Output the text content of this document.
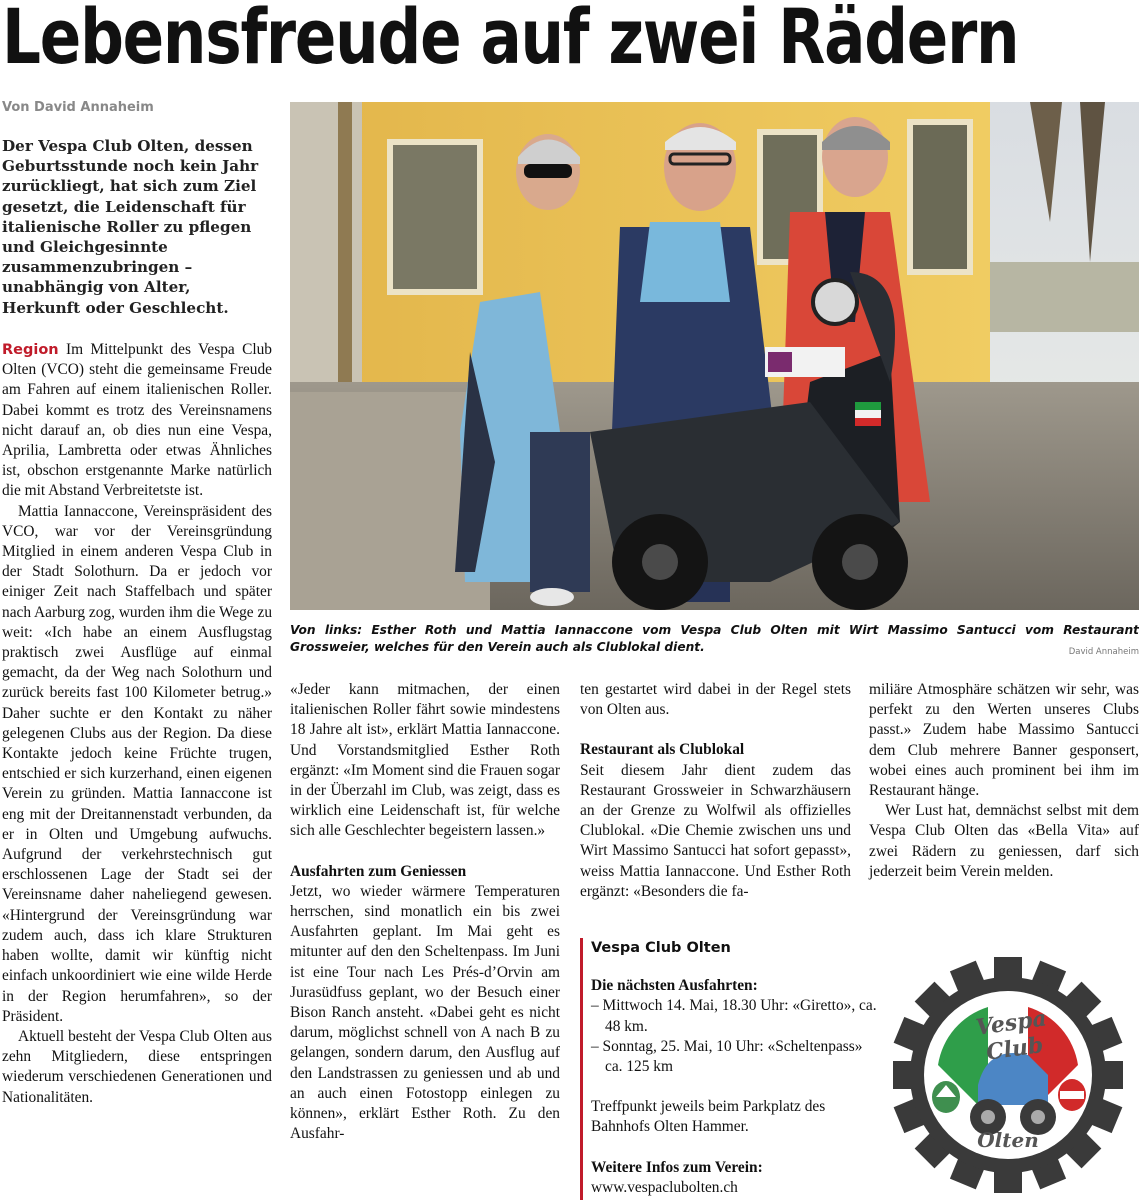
Lebensfreude auf zwei Rädern
Von David Annaheim
Der Vespa Club Olten, dessen Geburtsstunde noch kein Jahr zurückliegt, hat sich zum Ziel gesetzt, die Leidenschaft für italienische Roller zu pflegen und Gleichgesinnte zusammenzubringen – unabhängig von Alter, Herkunft oder Geschlecht.

Region Im Mittelpunkt des Vespa Club Olten (VCO) steht die gemeinsame Freude am Fahren auf einem italienischen Roller. Dabei kommt es trotz des Vereinsnamens nicht darauf an, ob dies nun eine Vespa, Aprilia, Lambretta oder etwas Ähnliches ist, obschon erstgenannte Marke natürlich die mit Abstand Verbreitetste ist.

Mattia Iannaccone, Vereinspräsident des VCO, war vor der Vereinsgründung Mitglied in einem anderen Vespa Club in der Stadt Solothurn. Da er jedoch vor einiger Zeit nach Staffelbach und später nach Aarburg zog, wurden ihm die Wege zu weit: «Ich habe an einem Ausflugstag praktisch zwei Ausflüge auf einmal gemacht, da der Weg nach Solothurn und zurück bereits fast 100 Kilometer betrug.» Daher suchte er den Kontakt zu näher gelegenen Clubs aus der Region. Da diese Kontakte jedoch keine Früchte trugen, entschied er sich kurzerhand, einen eigenen Verein zu gründen. Mattia Iannaccone ist eng mit der Dreitannenstadt verbunden, da er in Olten und Umgebung aufwuchs. Aufgrund der verkehrstechnisch gut erschlossenen Lage der Stadt sei der Vereinsname daher naheliegend gewesen. «Hintergrund der Vereinsgründung war zudem auch, dass ich klare Strukturen haben wollte, damit wir künftig nicht einfach unkoordiniert wie eine wilde Herde in der Region herumfahren», so der Präsident.

Aktuell besteht der Vespa Club Olten aus zehn Mitgliedern, diese entspringen wiederum verschiedenen Generationen und Nationalitäten.

Von links: Esther Roth und Mattia Iannaccone vom Vespa Club Olten mit Wirt Massimo Santucci vom Restaurant Grossweier, welches für den Verein auch als Clublokal dient.	David Annaheim

«Jeder kann mitmachen, der einen italienischen Roller fährt sowie mindestens 18 Jahre alt ist», erklärt Mattia Iannaccone. Und Vorstandsmitglied Esther Roth ergänzt: «Im Moment sind die Frauen sogar in der Überzahl im Club, was zeigt, dass es wirklich eine Leidenschaft ist, für welche sich alle Geschlechter begeistern lassen.»

Ausfahrten zum Geniessen

Jetzt, wo wieder wärmere Temperaturen herrschen, sind monatlich ein bis zwei Ausfahrten geplant. Im Mai geht es mitunter auf den den Scheltenpass. Im Juni ist eine Tour nach Les Prés-d’Orvin am Jurasüdfuss geplant, wo der Besuch einer Bison Ranch ansteht. «Dabei geht es nicht darum, möglichst schnell von A nach B zu gelangen, sondern darum, den Ausflug auf den Landstrassen zu geniessen und ab und an auch einen Fotostopp einlegen zu können», erklärt Esther Roth. Zu den Ausfahr-

ten gestartet wird dabei in der Regel stets von Olten aus.

Restaurant als Clublokal

Seit diesem Jahr dient zudem das Restaurant Grossweier in Schwarzhäusern an der Grenze zu Wolfwil als offizielles Clublokal. «Die Chemie zwischen uns und Wirt Massimo Santucci hat sofort gepasst», weiss Mattia Iannaccone. Und Esther Roth ergänzt: «Besonders die fa-

miliäre Atmosphäre schätzen wir sehr, was perfekt zu den Werten unseres Clubs passt.» Zudem habe Massimo Santucci dem Club mehrere Banner gesponsert, wobei eines auch prominent bei ihm im Restaurant hänge.

Wer Lust hat, demnächst selbst mit dem Vespa Club Olten das «Bella Vita» auf zwei Rädern zu geniessen, darf sich jederzeit beim Verein melden.

Vespa Club Olten
Die nächsten Ausfahrten:
– Mittwoch 14. Mai, 18.30 Uhr: «Giretto», ca. 48 km.
– Sonntag, 25. Mai, 10 Uhr: «Scheltenpass» ca. 125 km
Treffpunkt jeweils beim Parkplatz des Bahnhofs Olten Hammer.
Weitere Infos zum Verein:
www.vespaclubolten.ch
Vespa Club
Olten
